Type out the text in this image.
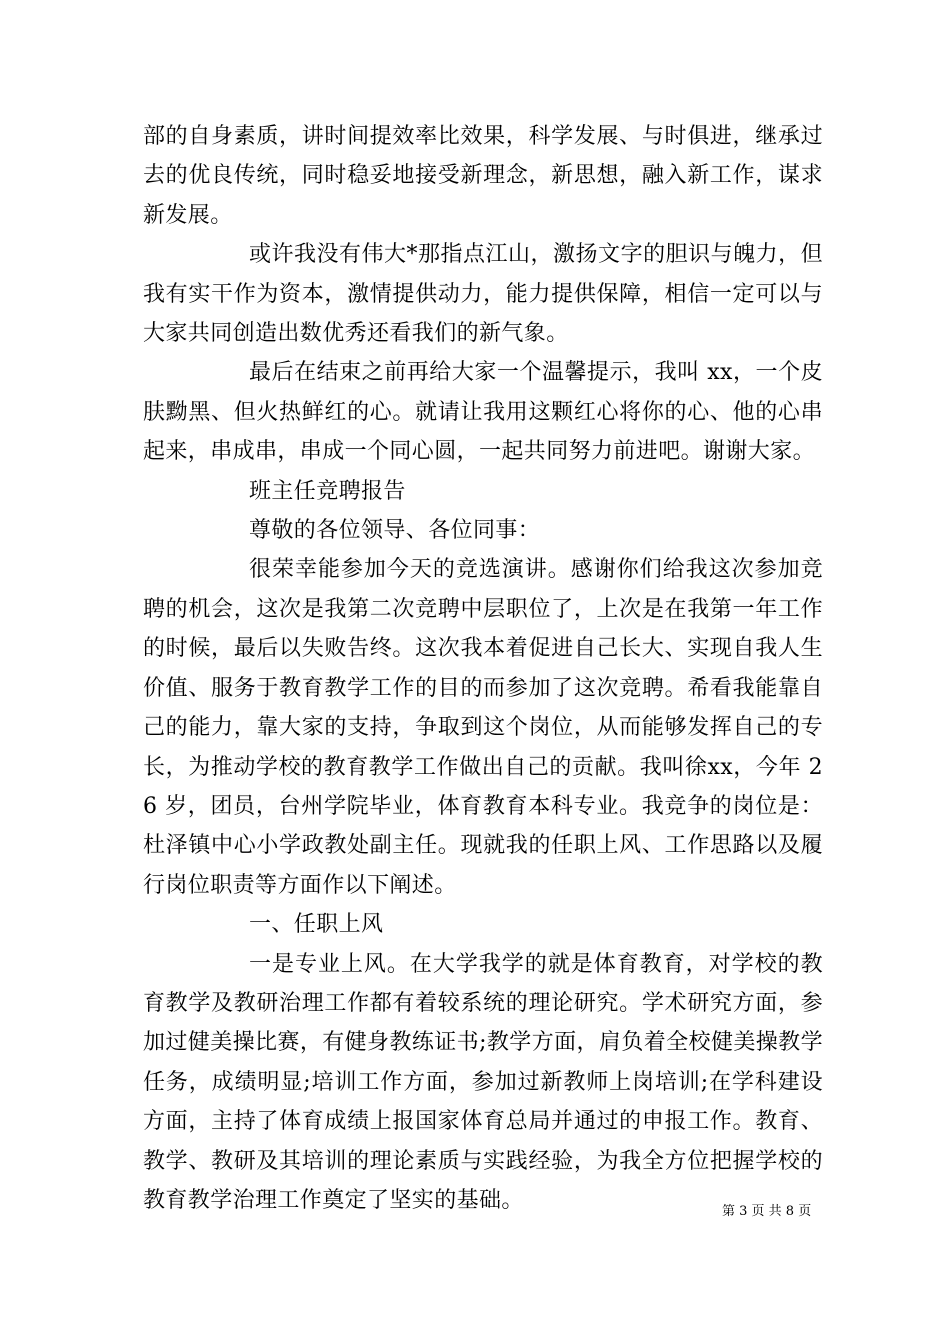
部的自身素质，讲时间提效率比效果，科学发展、与时俱进，继承过去的优良传统，同时稳妥地接受新理念，新思想，融入新工作，谋求新发展。

或许我没有伟大*那指点江山，激扬文字的胆识与魄力，但我有实干作为资本，激情提供动力，能力提供保障，相信一定可以与大家共同创造出数优秀还看我们的新气象。

最后在结束之前再给大家一个温馨提示，我叫 xx，一个皮肤黝黑、但火热鲜红的心。就请让我用这颗红心将你的心、他的心串起来，串成串，串成一个同心圆，一起共同努力前进吧。谢谢大家。

班主任竞聘报告

尊敬的各位领导、各位同事：

很荣幸能参加今天的竞选演讲。感谢你们给我这次参加竞聘的机会，这次是我第二次竞聘中层职位了，上次是在我第一年工作的时候，最后以失败告终。这次我本着促进自己长大、实现自我人生价值、服务于教育教学工作的目的而参加了这次竞聘。希看我能靠自己的能力，靠大家的支持，争取到这个岗位，从而能够发挥自己的专长，为推动学校的教育教学工作做出自己的贡献。我叫徐xx，今年 26 岁，团员，台州学院毕业，体育教育本科专业。我竞争的岗位是：杜泽镇中心小学政教处副主任。现就我的任职上风、工作思路以及履行岗位职责等方面作以下阐述。

一、任职上风

一是专业上风。在大学我学的就是体育教育，对学校的教育教学及教研治理工作都有着较系统的理论研究。学术研究方面，参加过健美操比赛，有健身教练证书;教学方面，肩负着全校健美操教学任务，成绩明显;培训工作方面，参加过新教师上岗培训;在学科建设方面，主持了体育成绩上报国家体育总局并通过的申报工作。教育、教学、教研及其培训的理论素质与实践经验，为我全方位把握学校的教育教学治理工作奠定了坚实的基础。	第 3 页 共 8 页
